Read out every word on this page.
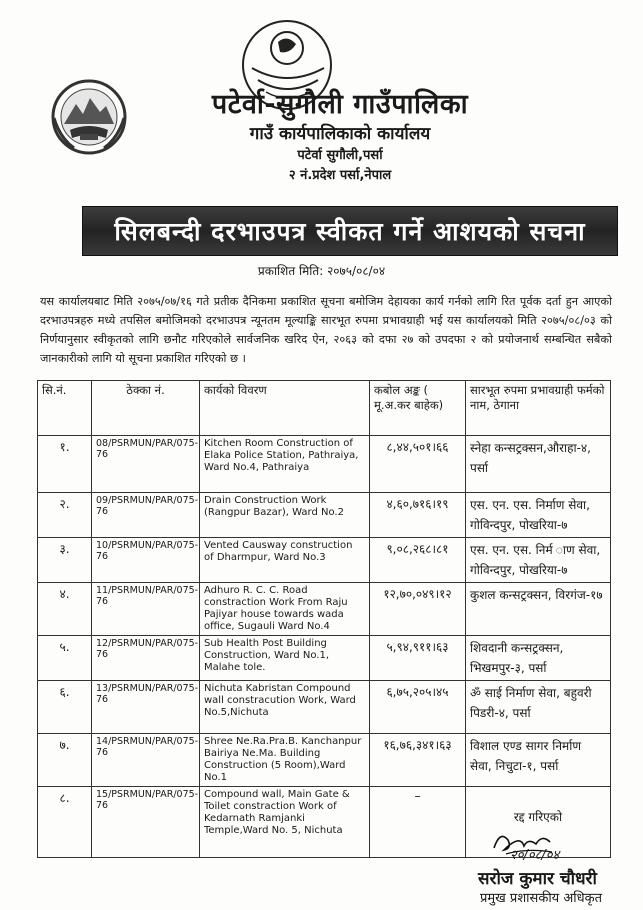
पटेर्वा-सुगौली गाउँपालिका
गाउँ कार्यपालिकाको कार्यालय
पटेर्वा सुगौली,पर्सा
२ नं.प्रदेश पर्सा,नेपाल
सिलबन्दी दरभाउपत्र स्वीकत गर्ने आशयको सचना
प्रकाशित मिति: २०७५/०८/०४
यस कार्यालयबाट मिति २०७५/०७/१६ गते प्रतीक दैनिकमा प्रकाशित सूचना बमोजिम देहायका कार्य गर्नको लागि रित पूर्वक दर्ता हुन आएको दरभाउपत्रहरु मध्ये तपसिल बमोजिमको दरभाउपत्र न्यूनतम मूल्याङ्कि सारभूत रुपमा प्रभावग्राही भई यस कार्यालयको मिति २०७५/०८/०३ को निर्णयानुसार स्वीकृतको लागि छनौट गरिएकोले सार्वजनिक खरिद ऐन, २०६३ को दफा २७ को उपदफा २ को प्रयोजनार्थ सम्बन्धित सबैको जानकारीको लागि यो सूचना प्रकाशित गरिएको छ ।
सि.नं.	ठेक्का नं.	कार्यको विवरण	कबोल अङ्क ( मू.अ.कर बाहेक)	सारभूत रुपमा प्रभावग्राही फर्मको नाम, ठेगाना
१.	08/PSRMUN/PAR/075-76	Kitchen Room Construction of Elaka Police Station, Pathraiya, Ward No.4, Pathraiya	८,४४,५०१।६६	स्नेहा कन्सट्रक्सन,औराहा-४, पर्सा
२.	09/PSRMUN/PAR/075-76	Drain Construction Work (Rangpur Bazar), Ward No.2	४,६०,७१६।१९	एस. एन. एस. निर्माण सेवा, गोविन्दपुर, पोखरिया-७
३.	10/PSRMUN/PAR/075-76	Vented Causway construction of Dharmpur, Ward No.3	९,०८,२६८।८१	एस. एन. एस. निर्म ाण सेवा, गोविन्दपुर, पोखरिया-७
४.	11/PSRMUN/PAR/075-76	Adhuro R. C. C. Road constraction Work From Raju Pajiyar house towards wada office, Sugauli Ward No.4	१२,७०,०४९।१२	कुशल कन्सट्रक्सन, विरगंज-१७
५.	12/PSRMUN/PAR/075-76	Sub Health Post Building Construction, Ward No.1, Malahe tole.	५,९४,९११।६३	शिवदानी कन्सट्रक्सन, भिखमपुर-३, पर्सा
६.	13/PSRMUN/PAR/075-76	Nichuta Kabristan Compound wall constracution Work, Ward No.5,Nichuta	६,७५,२०५।४५	ॐ साई निर्माण सेवा, बहुवरी पिडरी-४, पर्सा
७.	14/PSRMUN/PAR/075-76	Shree Ne.Ra.Pra.B. Kanchanpur Bairiya Ne.Ma. Building Construction (5 Room),Ward No.1	१६,७६,३४१।६३	विशाल एण्ड सागर निर्माण सेवा, निचुटा-१, पर्सा
८.	15/PSRMUN/PAR/075-76	Compound wall, Main Gate & Toilet constraction Work of Kedarnath Ramjanki Temple,Ward No. 5, Nichuta	–	रद्द गरिएको
२०/०८/०४
सरोज कुमार चौधरी
प्रमुख प्रशासकीय अधिकृत
